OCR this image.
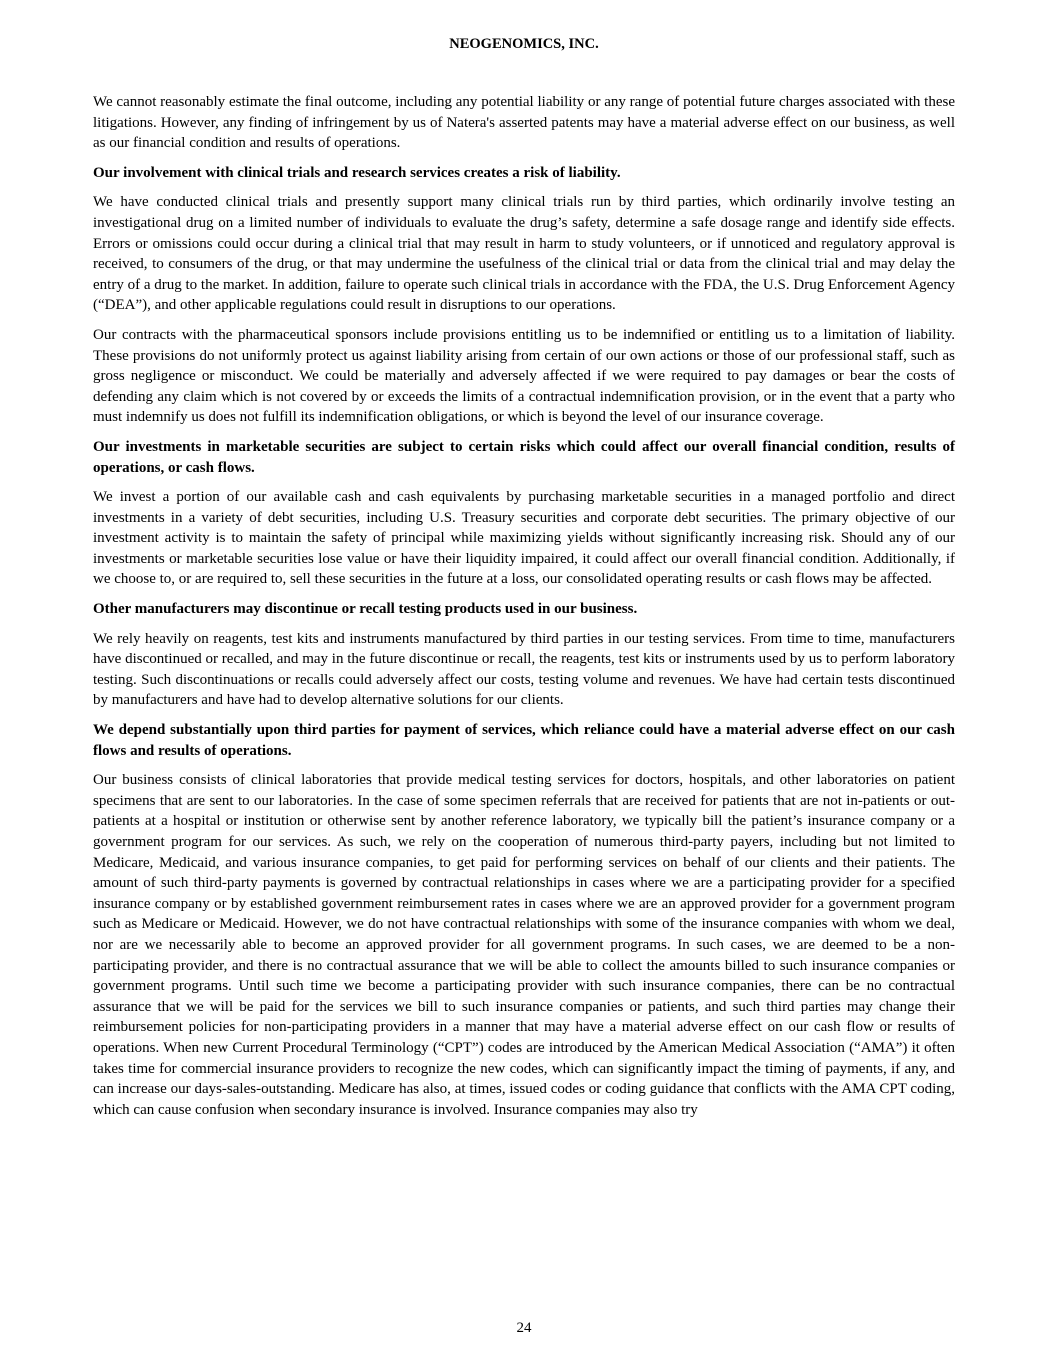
NEOGENOMICS, INC.

We cannot reasonably estimate the final outcome, including any potential liability or any range of potential future charges associated with these litigations. However, any finding of infringement by us of Natera's asserted patents may have a material adverse effect on our business, as well as our financial condition and results of operations.

Our involvement with clinical trials and research services creates a risk of liability.

We have conducted clinical trials and presently support many clinical trials run by third parties, which ordinarily involve testing an investigational drug on a limited number of individuals to evaluate the drug’s safety, determine a safe dosage range and identify side effects. Errors or omissions could occur during a clinical trial that may result in harm to study volunteers, or if unnoticed and regulatory approval is received, to consumers of the drug, or that may undermine the usefulness of the clinical trial or data from the clinical trial and may delay the entry of a drug to the market. In addition, failure to operate such clinical trials in accordance with the FDA, the U.S. Drug Enforcement Agency (“DEA”), and other applicable regulations could result in disruptions to our operations.

Our contracts with the pharmaceutical sponsors include provisions entitling us to be indemnified or entitling us to a limitation of liability. These provisions do not uniformly protect us against liability arising from certain of our own actions or those of our professional staff, such as gross negligence or misconduct. We could be materially and adversely affected if we were required to pay damages or bear the costs of defending any claim which is not covered by or exceeds the limits of a contractual indemnification provision, or in the event that a party who must indemnify us does not fulfill its indemnification obligations, or which is beyond the level of our insurance coverage.

Our investments in marketable securities are subject to certain risks which could affect our overall financial condition, results of operations, or cash flows.

We invest a portion of our available cash and cash equivalents by purchasing marketable securities in a managed portfolio and direct investments in a variety of debt securities, including U.S. Treasury securities and corporate debt securities. The primary objective of our investment activity is to maintain the safety of principal while maximizing yields without significantly increasing risk. Should any of our investments or marketable securities lose value or have their liquidity impaired, it could affect our overall financial condition. Additionally, if we choose to, or are required to, sell these securities in the future at a loss, our consolidated operating results or cash flows may be affected.

Other manufacturers may discontinue or recall testing products used in our business.

We rely heavily on reagents, test kits and instruments manufactured by third parties in our testing services. From time to time, manufacturers have discontinued or recalled, and may in the future discontinue or recall, the reagents, test kits or instruments used by us to perform laboratory testing. Such discontinuations or recalls could adversely affect our costs, testing volume and revenues. We have had certain tests discontinued by manufacturers and have had to develop alternative solutions for our clients.

We depend substantially upon third parties for payment of services, which reliance could have a material adverse effect on our cash flows and results of operations.

Our business consists of clinical laboratories that provide medical testing services for doctors, hospitals, and other laboratories on patient specimens that are sent to our laboratories. In the case of some specimen referrals that are received for patients that are not in-patients or out-patients at a hospital or institution or otherwise sent by another reference laboratory, we typically bill the patient’s insurance company or a government program for our services. As such, we rely on the cooperation of numerous third-party payers, including but not limited to Medicare, Medicaid, and various insurance companies, to get paid for performing services on behalf of our clients and their patients. The amount of such third-party payments is governed by contractual relationships in cases where we are a participating provider for a specified insurance company or by established government reimbursement rates in cases where we are an approved provider for a government program such as Medicare or Medicaid. However, we do not have contractual relationships with some of the insurance companies with whom we deal, nor are we necessarily able to become an approved provider for all government programs. In such cases, we are deemed to be a non-participating provider, and there is no contractual assurance that we will be able to collect the amounts billed to such insurance companies or government programs. Until such time we become a participating provider with such insurance companies, there can be no contractual assurance that we will be paid for the services we bill to such insurance companies or patients, and such third parties may change their reimbursement policies for non-participating providers in a manner that may have a material adverse effect on our cash flow or results of operations. When new Current Procedural Terminology (“CPT”) codes are introduced by the American Medical Association (“AMA”) it often takes time for commercial insurance providers to recognize the new codes, which can significantly impact the timing of payments, if any, and can increase our days-sales-outstanding. Medicare has also, at times, issued codes or coding guidance that conflicts with the AMA CPT coding, which can cause confusion when secondary insurance is involved. Insurance companies may also try

24
